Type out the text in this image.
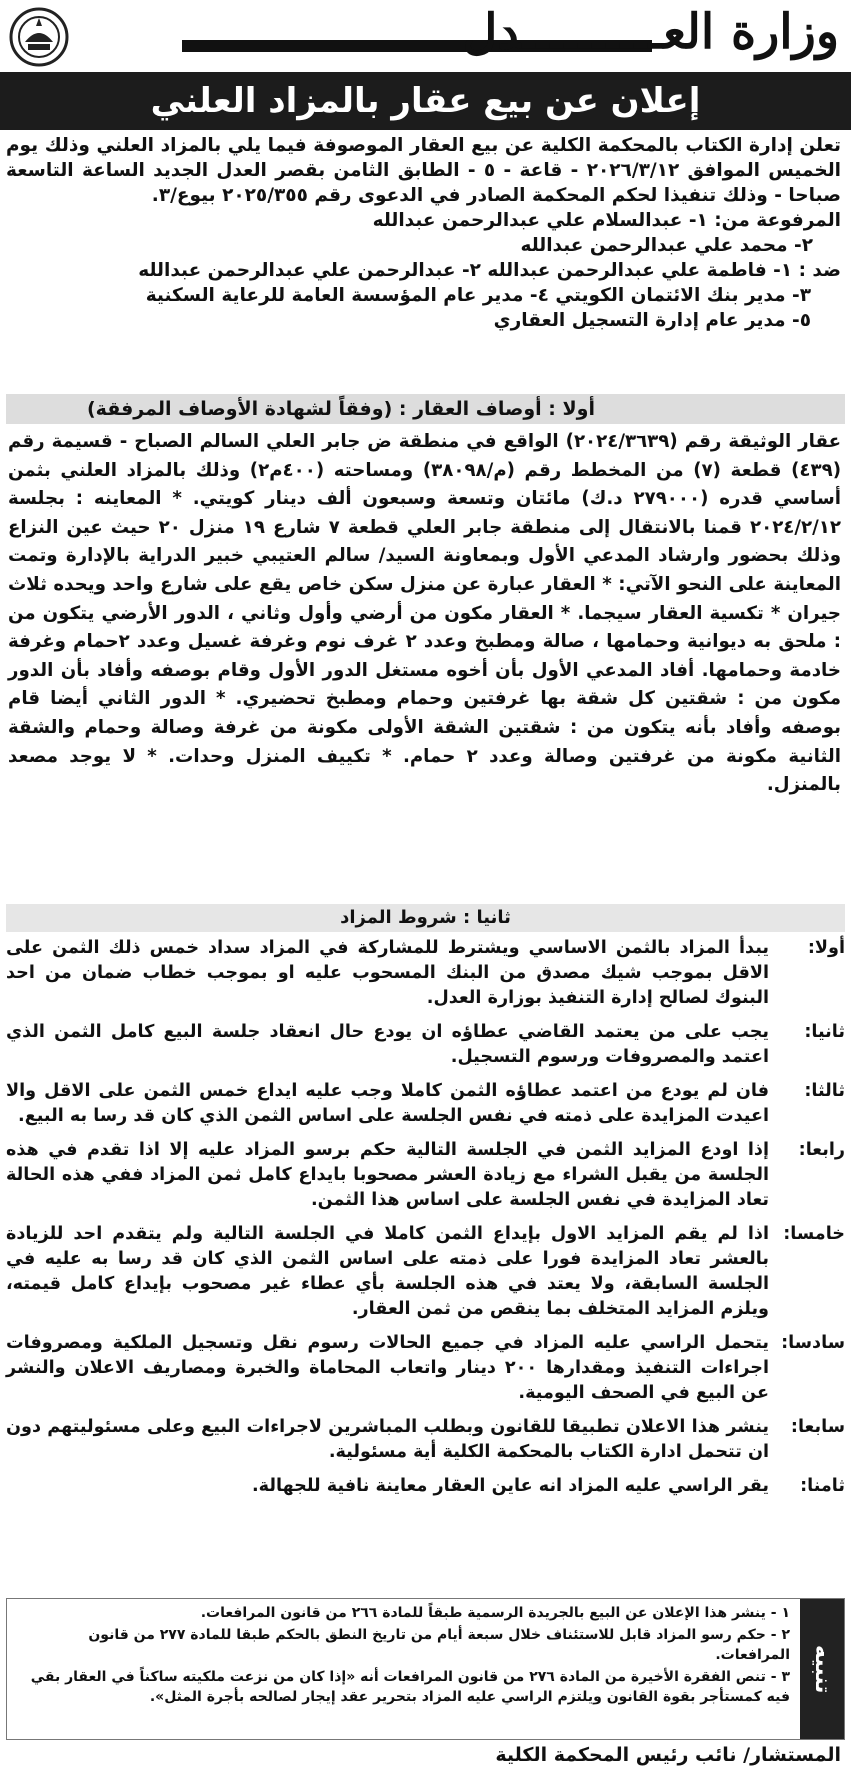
وزارة العــــــــــدل
إعلان عن بيع عقار بالمزاد العلني

تعلن إدارة الكتاب بالمحكمة الكلية عن بيع العقار الموصوفة فيما يلي بالمزاد العلني وذلك يوم الخميس الموافق ٢٠٢٦/٣/١٢ - قاعة - ٥ - الطابق الثامن بقصر العدل الجديد الساعة التاسعة صباحا - وذلك تنفيذا لحكم المحكمة الصادر في الدعوى رقم ٢٠٢٥/٣٥٥ بيوع/٣.

المرفوعة من: ١- عبدالسلام علي عبدالرحمن عبدالله

٢- محمد علي عبدالرحمن عبدالله

ضد : ١- فاطمة علي عبدالرحمن عبدالله ٢- عبدالرحمن علي عبدالرحمن عبدالله

٣- مدير بنك الائتمان الكويتي ٤- مدير عام المؤسسة العامة للرعاية السكنية

٥- مدير عام إدارة التسجيل العقاري

أولا : أوصاف العقار : (وفقاً لشهادة الأوصاف المرفقة)

عقار الوثيقة رقم (٢٠٢٤/٣٦٣٩) الواقع في منطقة ض جابر العلي السالم الصباح - قسيمة رقم (٤٣٩) قطعة (٧) من المخطط رقم (م/٣٨٠٩٨) ومساحته (٤٠٠م٢) وذلك بالمزاد العلني بثمن أساسي قدره (٢٧٩٠٠٠ د.ك) مائتان وتسعة وسبعون ألف دينار كويتي. * المعاينه : بجلسة ٢٠٢٤/٢/١٢ قمنا بالانتقال إلى منطقة جابر العلي قطعة ٧ شارع ١٩ منزل ٢٠ حيث عين النزاع وذلك بحضور وارشاد المدعي الأول وبمعاونة السيد/ سالم العتيبي خبير الدراية بالإدارة وتمت المعاينة على النحو الآتي: * العقار عبارة عن منزل سكن خاص يقع على شارع واحد ويحده ثلاث جيران * تكسية العقار سيجما. * العقار مكون من أرضي وأول وثاني ، الدور الأرضي يتكون من : ملحق به ديوانية وحمامها ، صالة ومطبخ وعدد ٢ غرف نوم وغرفة غسيل وعدد ٢حمام وغرفة خادمة وحمامها. أفاد المدعي الأول بأن أخوه مستغل الدور الأول وقام بوصفه وأفاد بأن الدور مكون من : شقتين كل شقة بها غرفتين وحمام ومطبخ تحضيري. * الدور الثاني أيضا قام بوصفه وأفاد بأنه يتكون من : شقتين الشقة الأولى مكونة من غرفة وصالة وحمام والشقة الثانية مكونة من غرفتين وصالة وعدد ٢ حمام. * تكييف المنزل وحدات. * لا يوجد مصعد بالمنزل.

ثانيا : شروط المزاد
أولا:
يبدأ المزاد بالثمن الاساسي ويشترط للمشاركة في المزاد سداد خمس ذلك الثمن على الاقل بموجب شيك مصدق من البنك المسحوب عليه او بموجب خطاب ضمان من احد البنوك لصالح إدارة التنفيذ بوزارة العدل.
ثانيا:
يجب على من يعتمد القاضي عطاؤه ان يودع حال انعقاد جلسة البيع كامل الثمن الذي اعتمد والمصروفات ورسوم التسجيل.
ثالثا:
فان لم يودع من اعتمد عطاؤه الثمن كاملا وجب عليه ايداع خمس الثمن على الاقل والا اعيدت المزايدة على ذمته في نفس الجلسة على اساس الثمن الذي كان قد رسا به البيع.
رابعا:
إذا اودع المزايد الثمن في الجلسة التالية حكم برسو المزاد عليه إلا اذا تقدم في هذه الجلسة من يقبل الشراء مع زيادة العشر مصحوبا بايداع كامل ثمن المزاد ففي هذه الحالة تعاد المزايدة في نفس الجلسة على اساس هذا الثمن.
خامسا:
اذا لم يقم المزايد الاول بإيداع الثمن كاملا في الجلسة التالية ولم يتقدم احد للزيادة بالعشر تعاد المزايدة فورا على ذمته على اساس الثمن الذي كان قد رسا به عليه في الجلسة السابقة، ولا يعتد في هذه الجلسة بأي عطاء غير مصحوب بإيداع كامل قيمته، ويلزم المزايد المتخلف بما ينقص من ثمن العقار.
سادسا:
يتحمل الراسي عليه المزاد في جميع الحالات رسوم نقل وتسجيل الملكية ومصروفات اجراءات التنفيذ ومقدارها ٢٠٠ دينار واتعاب المحاماة والخبرة ومصاريف الاعلان والنشر عن البيع في الصحف اليومية.
سابعا:
ينشر هذا الاعلان تطبيقا للقانون وبطلب المباشرين لاجراءات البيع وعلى مسئوليتهم دون ان تتحمل ادارة الكتاب بالمحكمة الكلية أية مسئولية.
ثامنا:
يقر الراسي عليه المزاد انه عاين العقار معاينة نافية للجهالة.
تنبيه

١ - ينشر هذا الإعلان عن البيع بالجريدة الرسمية طبقاً للمادة ٢٦٦ من قانون المرافعات.

٢ - حكم رسو المزاد قابل للاستئناف خلال سبعة أيام من تاريخ النطق بالحكم طبقا للمادة ٢٧٧ من قانون المرافعات.

٣ - تنص الفقرة الأخيرة من المادة ٢٧٦ من قانون المرافعات أنه «إذا كان من نزعت ملكيته ساكناً في العقار بقي فيه كمستأجر بقوة القانون ويلتزم الراسي عليه المزاد بتحرير عقد إيجار لصالحه بأجرة المثل».

المستشار/ نائب رئيس المحكمة الكلية
